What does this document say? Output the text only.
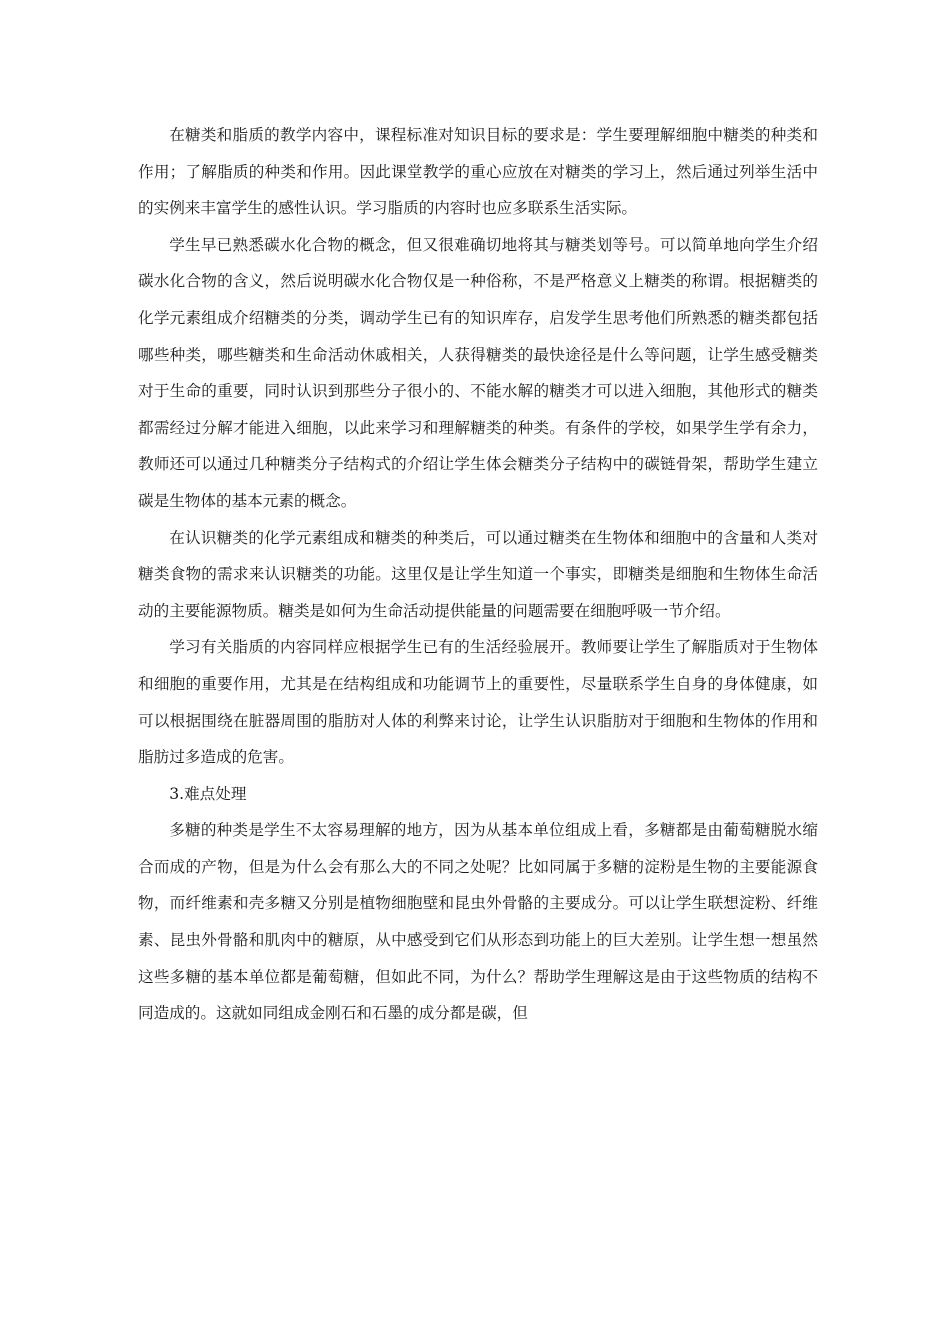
在糖类和脂质的教学内容中，课程标准对知识目标的要求是：学生要理解细胞中糖类的种类和作用；了解脂质的种类和作用。因此课堂教学的重心应放在对糖类的学习上，然后通过列举生活中的实例来丰富学生的感性认识。学习脂质的内容时也应多联系生活实际。

学生早已熟悉碳水化合物的概念，但又很难确切地将其与糖类划等号。可以简单地向学生介绍碳水化合物的含义，然后说明碳水化合物仅是一种俗称，不是严格意义上糖类的称谓。根据糖类的化学元素组成介绍糖类的分类，调动学生已有的知识库存，启发学生思考他们所熟悉的糖类都包括哪些种类，哪些糖类和生命活动休戚相关，人获得糖类的最快途径是什么等问题，让学生感受糖类对于生命的重要，同时认识到那些分子很小的、不能水解的糖类才可以进入细胞，其他形式的糖类都需经过分解才能进入细胞，以此来学习和理解糖类的种类。有条件的学校，如果学生学有余力，教师还可以通过几种糖类分子结构式的介绍让学生体会糖类分子结构中的碳链骨架，帮助学生建立碳是生物体的基本元素的概念。

在认识糖类的化学元素组成和糖类的种类后，可以通过糖类在生物体和细胞中的含量和人类对糖类食物的需求来认识糖类的功能。这里仅是让学生知道一个事实，即糖类是细胞和生物体生命活动的主要能源物质。糖类是如何为生命活动提供能量的问题需要在细胞呼吸一节介绍。

学习有关脂质的内容同样应根据学生已有的生活经验展开。教师要让学生了解脂质对于生物体和细胞的重要作用，尤其是在结构组成和功能调节上的重要性，尽量联系学生自身的身体健康，如可以根据围绕在脏器周围的脂肪对人体的利弊来讨论，让学生认识脂肪对于细胞和生物体的作用和脂肪过多造成的危害。

3.难点处理

多糖的种类是学生不太容易理解的地方，因为从基本单位组成上看，多糖都是由葡萄糖脱水缩合而成的产物，但是为什么会有那么大的不同之处呢？比如同属于多糖的淀粉是生物的主要能源食物，而纤维素和壳多糖又分别是植物细胞壁和昆虫外骨骼的主要成分。可以让学生联想淀粉、纤维素、昆虫外骨骼和肌肉中的糖原，从中感受到它们从形态到功能上的巨大差别。让学生想一想虽然这些多糖的基本单位都是葡萄糖，但如此不同，为什么？帮助学生理解这是由于这些物质的结构不同造成的。这就如同组成金刚石和石墨的成分都是碳，但
